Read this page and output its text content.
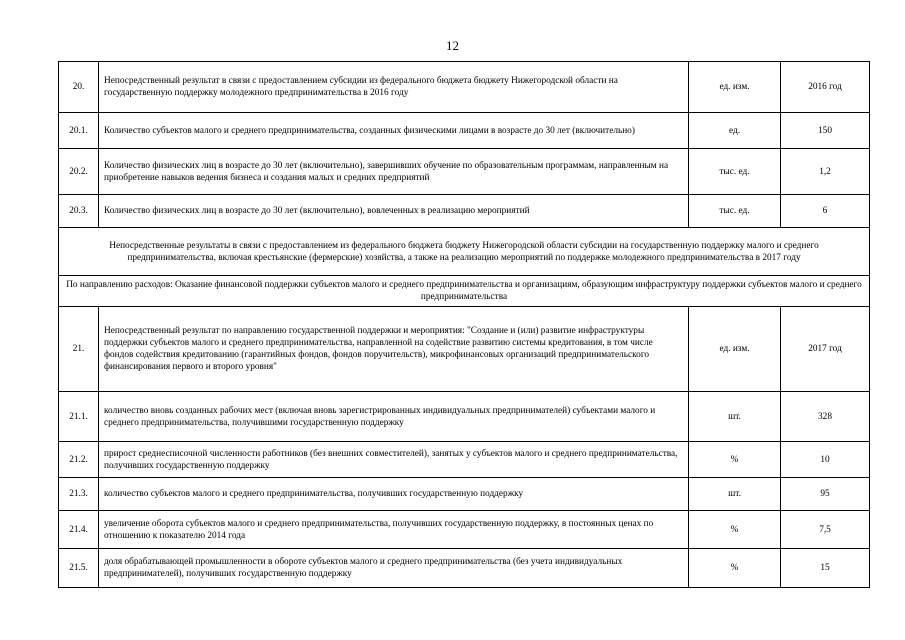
12
20.	Непосредственный результат в связи с предоставлением субсидии из федерального бюджета бюджету Нижегородской области на государственную поддержку молодежного предпринимательства в 2016 году	ед. изм.	2016 год
20.1.	Количество субъектов малого и среднего предпринимательства, созданных физическими лицами в возрасте до 30 лет (включительно)	ед.	150
20.2.	Количество физических лиц в возрасте до 30 лет (включительно), завершивших обучение по образовательным программам, направленным на приобретение навыков ведения бизнеса и создания малых и средних предприятий	тыс. ед.	1,2
20.3.	Количество физических лиц в возрасте до 30 лет (включительно), вовлеченных в реализацию мероприятий	тыс. ед.	6
Непосредственные результаты в связи с предоставлением из федерального бюджета бюджету Нижегородской области субсидии на государственную поддержку малого и среднего предпринимательства, включая крестьянские (фермерские) хозяйства, а также на реализацию мероприятий по поддержке молодежного предпринимательства в 2017 году			
По направлению расходов: Оказание финансовой поддержки субъектов малого и среднего предпринимательства и организациям, образующим инфраструктуру поддержки субъектов малого и среднего предпринимательства			
21.	Непосредственный результат по направлению государственной поддержки и мероприятия: "Создание и (или) развитие инфраструктуры поддержки субъектов малого и среднего предпринимательства, направленной на содействие развитию системы кредитования, в том числе фондов содействия кредитованию (гарантийных фондов, фондов поручительств), микрофинансовых организаций предпринимательского финансирования первого и второго уровня"	ед. изм.	2017 год
21.1.	количество вновь созданных рабочих мест (включая вновь зарегистрированных индивидуальных предпринимателей) субъектами малого и среднего предпринимательства, получившими государственную поддержку	шт.	328
21.2.	прирост среднесписочной численности работников (без внешних совместителей), занятых у субъектов малого и среднего предпринимательства, получивших государственную поддержку	%	10
21.3.	количество субъектов малого и среднего предпринимательства, получивших государственную поддержку	шт.	95
21.4.	увеличение оборота субъектов малого и среднего предпринимательства, получивших государственную поддержку, в постоянных ценах по отношению к показателю 2014 года	%	7,5
21.5.	доля обрабатывающей промышленности в обороте субъектов малого и среднего предпринимательства (без учета индивидуальных предпринимателей), получивших государственную поддержку	%	15
